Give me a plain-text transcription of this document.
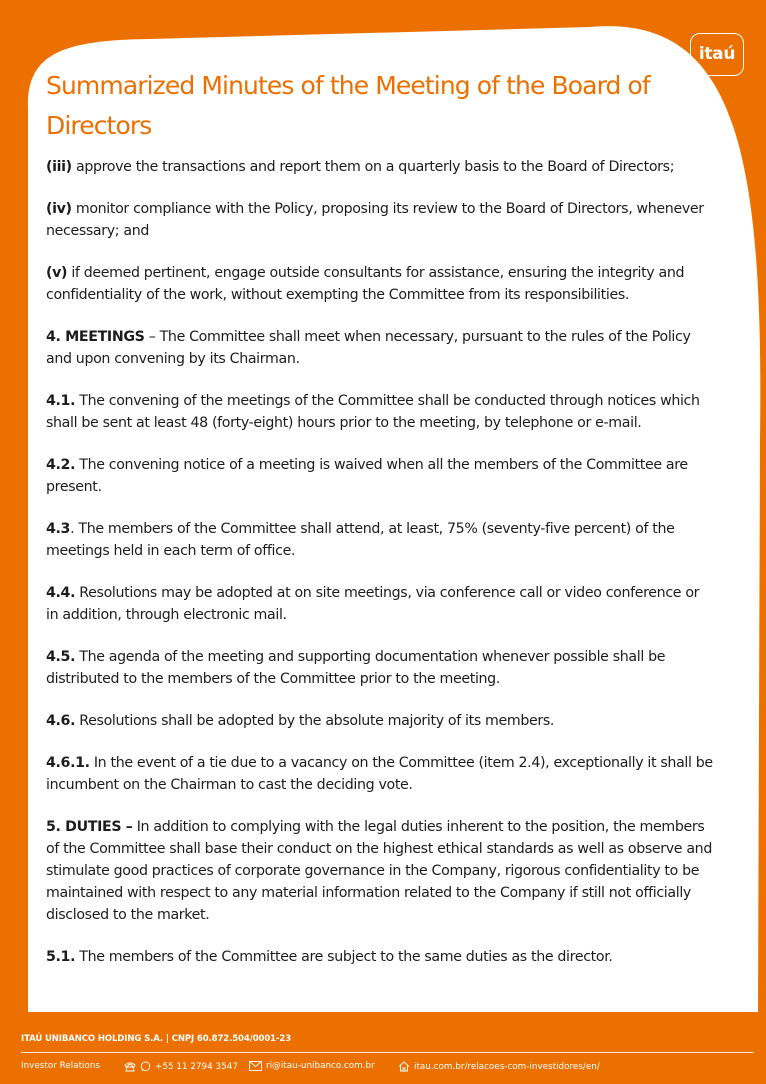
itaú
Summarized Minutes of the Meeting of the Board of Directors

(iii) approve the transactions and report them on a quarterly basis to the Board of Directors;

(iv) monitor compliance with the Policy, proposing its review to the Board of Directors, whenever necessary; and

(v) if deemed pertinent, engage outside consultants for assistance, ensuring the integrity and confidentiality of the work, without exempting the Committee from its responsibilities.

4. MEETINGS – The Committee shall meet when necessary, pursuant to the rules of the Policy and upon convening by its Chairman.

4.1. The convening of the meetings of the Committee shall be conducted through notices which shall be sent at least 48 (forty-eight) hours prior to the meeting, by telephone or e-mail.

4.2. The convening notice of a meeting is waived when all the members of the Committee are present.

4.3. The members of the Committee shall attend, at least, 75% (seventy-five percent) of the meetings held in each term of office.

4.4. Resolutions may be adopted at on site meetings, via conference call or video conference or in addition, through electronic mail.

4.5. The agenda of the meeting and supporting documentation whenever possible shall be distributed to the members of the Committee prior to the meeting.

4.6. Resolutions shall be adopted by the absolute majority of its members.

4.6.1. In the event of a tie due to a vacancy on the Committee (item 2.4), exceptionally it shall be incumbent on the Chairman to cast the deciding vote.

5. DUTIES – In addition to complying with the legal duties inherent to the position, the members of the Committee shall base their conduct on the highest ethical standards as well as observe and stimulate good practices of corporate governance in the Company, rigorous confidentiality to be maintained with respect to any material information related to the Company if still not officially disclosed to the market.

5.1. The members of the Committee are subject to the same duties as the director.

ITAÚ UNIBANCO HOLDING S.A. | CNPJ 60.872.504/0001-23
Investor Relations	+55 11 2794 3547	ri@itau-unibanco.com.br	itau.com.br/relacoes-com-investidores/en/
